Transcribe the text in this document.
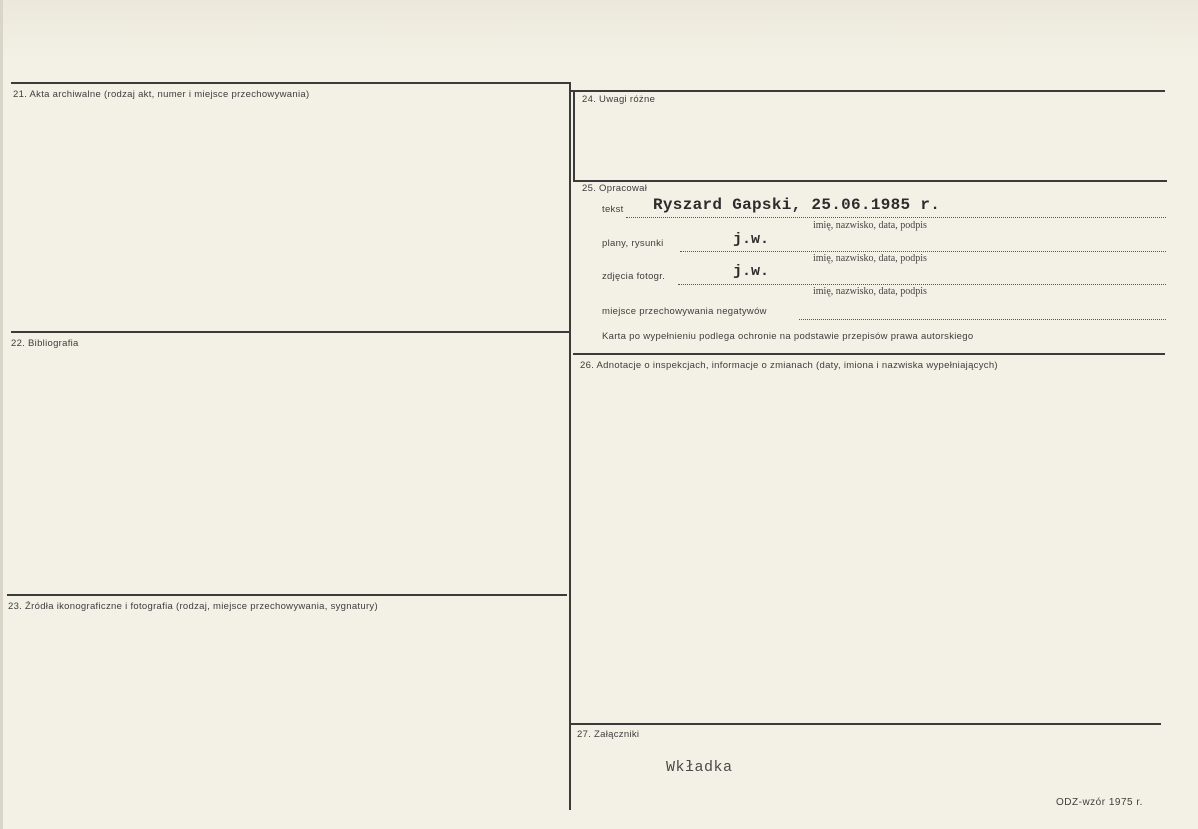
21. Akta archiwalne (rodzaj akt, numer i miejsce przechowywania)
22. Bibliografia
23. Źródła ikonograficzne i fotografia (rodzaj, miejsce przechowywania, sygnatury)
24. Uwagi różne
25. Opracował
26. Adnotacje o inspekcjach, informacje o zmianach (daty, imiona i nazwiska wypełniających)
27. Załączniki
tekst Ryszard Gapski, 25.06.1985 r.
imię, nazwisko, data, podpis
plany, rysunki	j.w.
imię, nazwisko, data, podpis
zdjęcia fotogr.	j.w.
imię, nazwisko, data, podpis
miejsce przechowywania negatywów
Karta po wypełnieniu podlega ochronie na podstawie przepisów prawa autorskiego
Wkładka
ODZ-wzór 1975 r.
